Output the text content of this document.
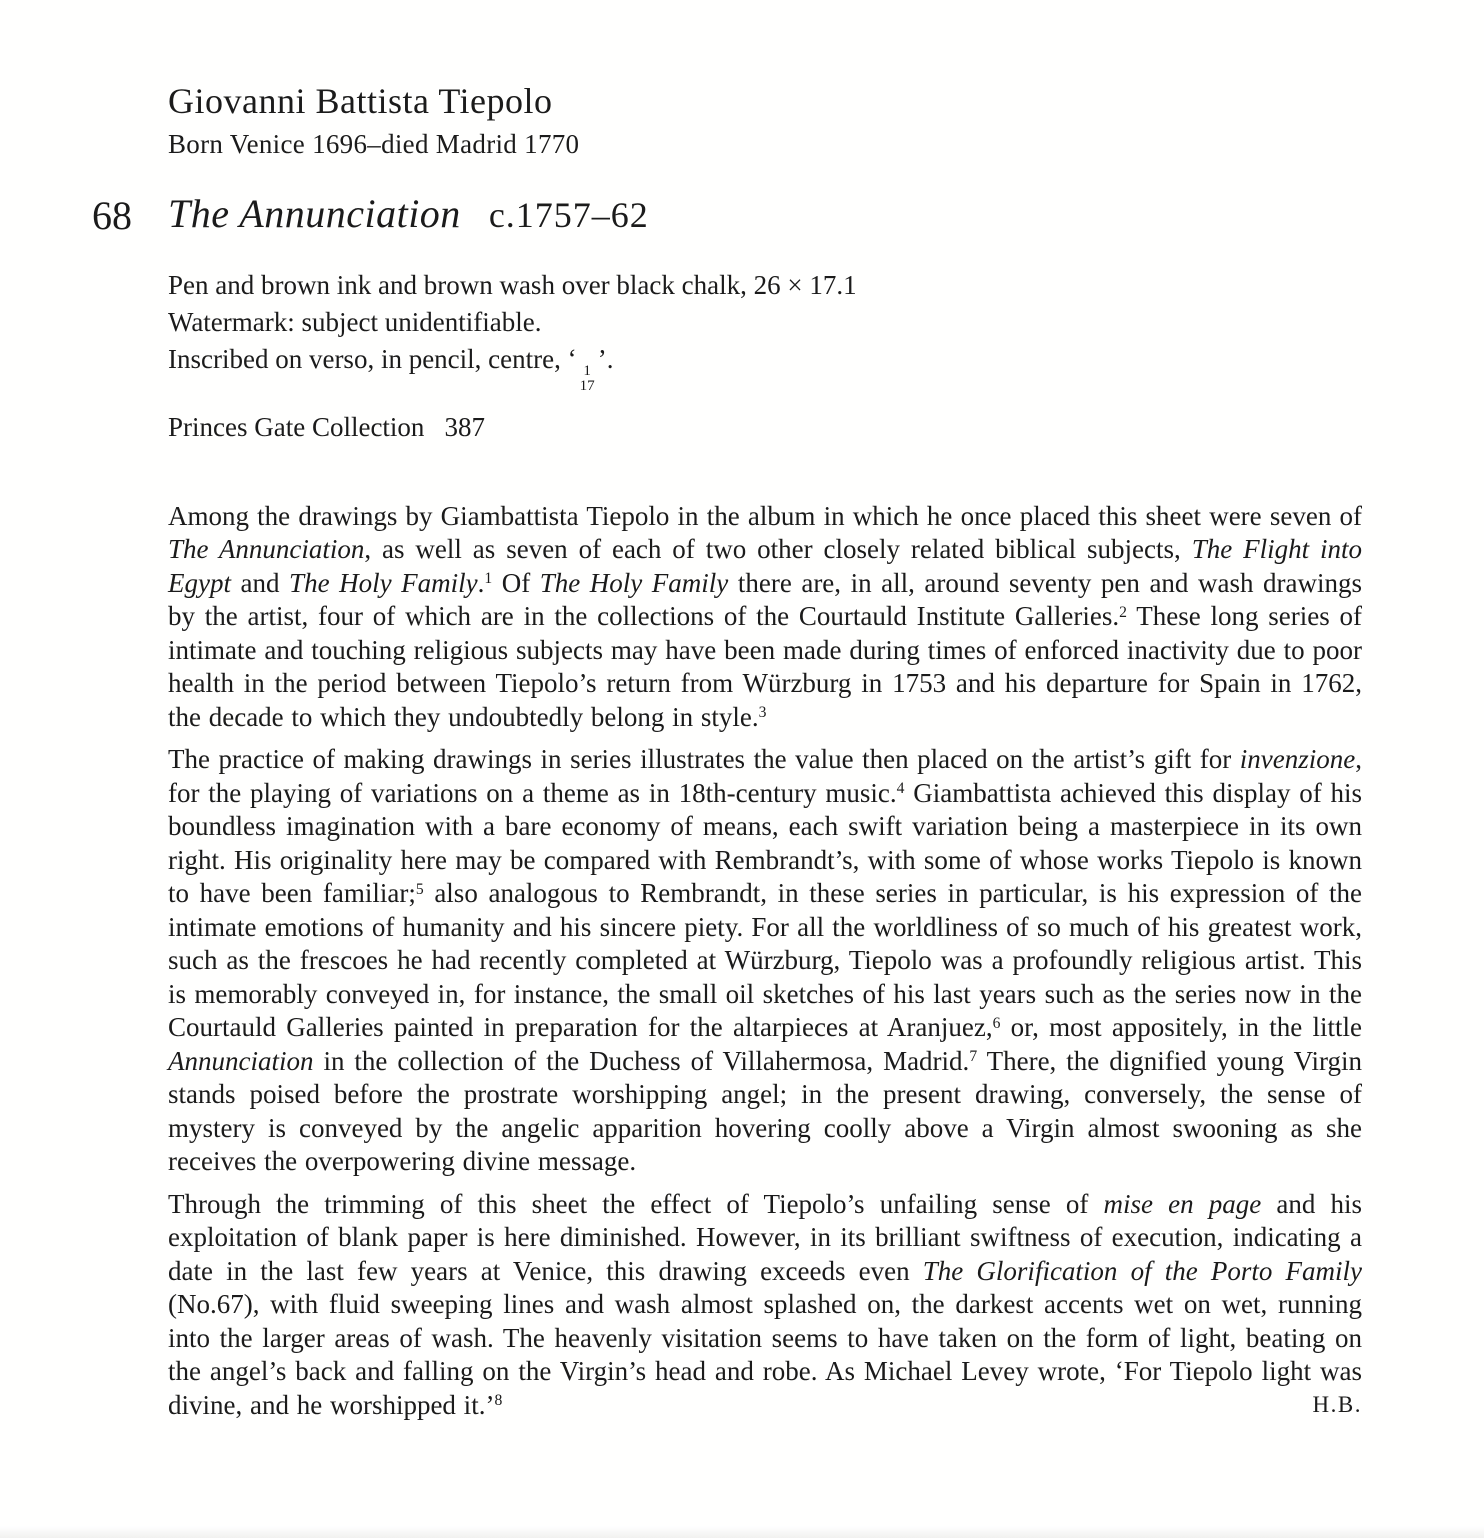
Giovanni Battista Tiepolo
Born Venice 1696–died Madrid 1770
68 The Annunciation c.1757–62

Pen and brown ink and brown wash over black chalk, 26 × 17.1

Watermark: subject unidentifiable.

Inscribed on verso, in pencil, centre, ‘ 1
17
’.

Princes Gate Collection 387

Among the drawings by Giambattista Tiepolo in the album in which he once placed this sheet were seven of The Annunciation, as well as seven of each of two other closely related biblical subjects, The Flight into Egypt and The Holy Family.$^1$ Of The Holy Family there are, in all, around seventy pen and wash drawings by the artist, four of which are in the collections of the Courtauld Institute Galleries.$^2$ These long series of intimate and touching religious subjects may have been made during times of enforced inactivity due to poor health in the period between Tiepolo’s return from Würzburg in 1753 and his departure for Spain in 1762, the decade to which they undoubtedly belong in style.$^3$

The practice of making drawings in series illustrates the value then placed on the artist’s gift for invenzione, for the playing of variations on a theme as in 18th-century music.$^4$ Giambattista achieved this display of his boundless imagination with a bare economy of means, each swift variation being a masterpiece in its own right. His originality here may be compared with Rembrandt’s, with some of whose works Tiepolo is known to have been familiar;$^5$ also analogous to Rembrandt, in these series in particular, is his expression of the intimate emotions of humanity and his sincere piety. For all the worldliness of so much of his greatest work, such as the frescoes he had recently completed at Würzburg, Tiepolo was a profoundly religious artist. This is memorably conveyed in, for instance, the small oil sketches of his last years such as the series now in the Courtauld Galleries painted in preparation for the altarpieces at Aranjuez,$^6$ or, most appositely, in the little Annunciation in the collection of the Duchess of Villahermosa, Madrid.$^7$ There, the dignified young Virgin stands poised before the prostrate worshipping angel; in the present drawing, conversely, the sense of mystery is conveyed by the angelic apparition hovering coolly above a Virgin almost swooning as she receives the overpowering divine message.

Through the trimming of this sheet the effect of Tiepolo’s unfailing sense of mise en page and his exploitation of blank paper is here diminished. However, in its brilliant swiftness of execution, indicating a date in the last few years at Venice, this drawing exceeds even The Glorification of the Porto Family (No.67), with fluid sweeping lines and wash almost splashed on, the darkest accents wet on wet, running into the larger areas of wash. The heavenly visitation seems to have taken on the form of light, beating on the angel’s back and falling on the Virgin’s head and robe. As Michael Levey wrote, ‘For Tiepolo light was divine, and he worshipped it.’$^8$	H.B.
